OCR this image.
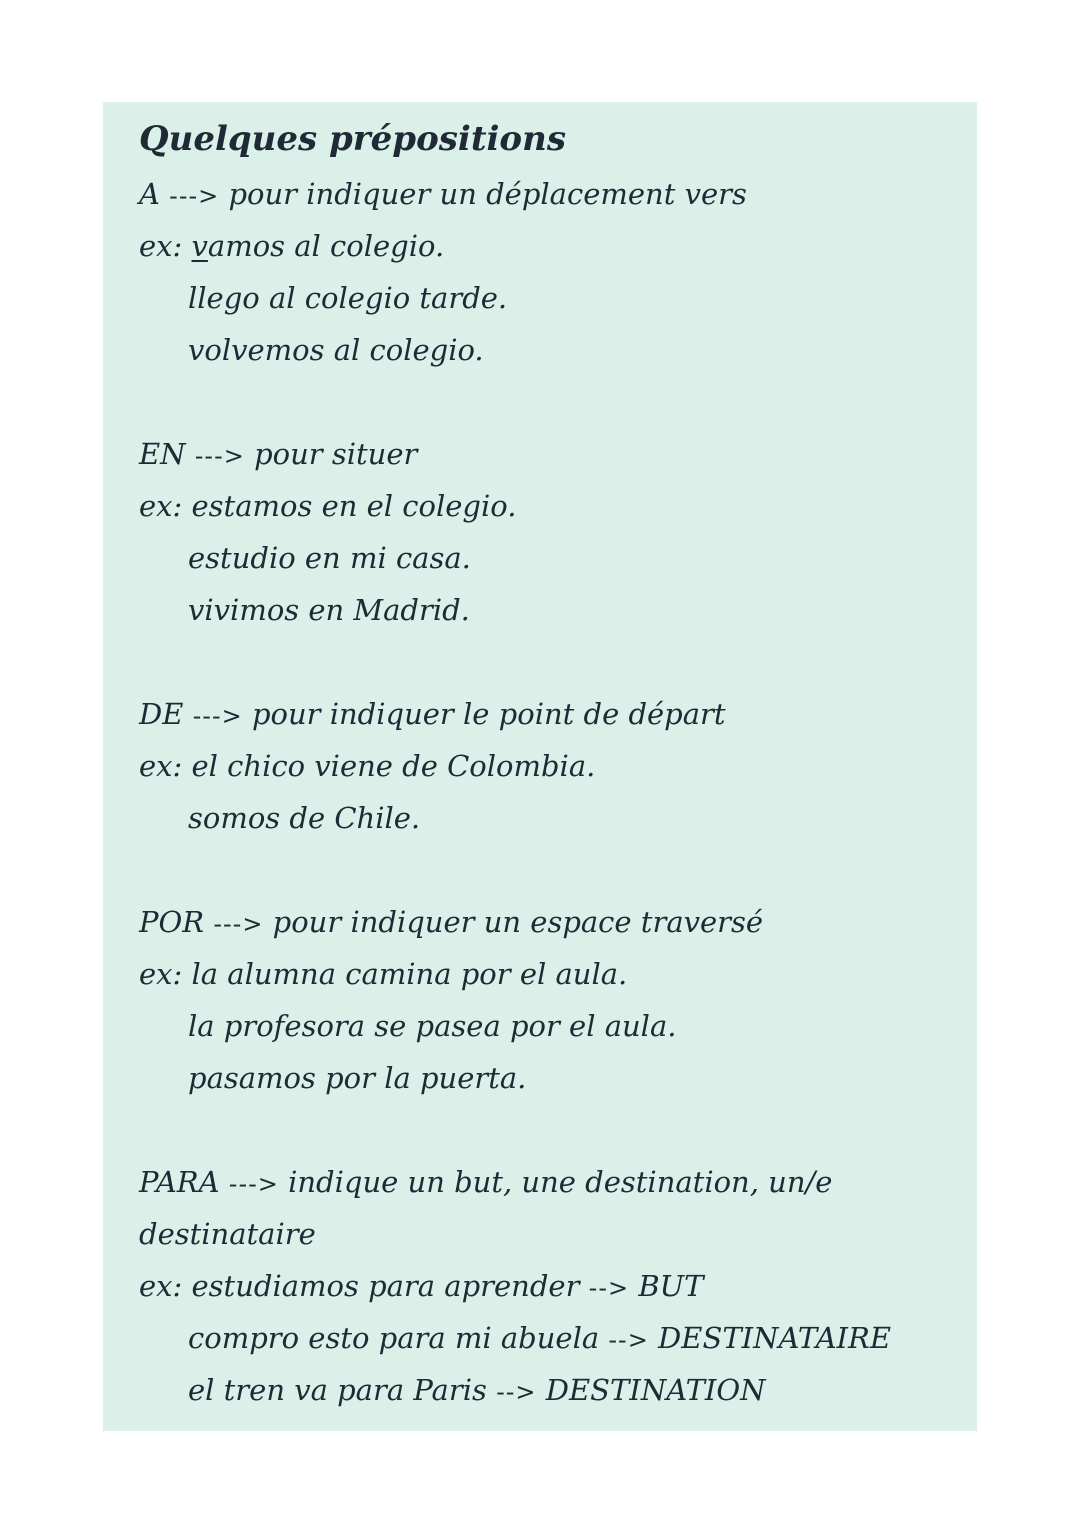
Quelques prépositions
A ---> pour indiquer un déplacement vers
ex: vamos al colegio.
llego al colegio tarde.
volvemos al colegio.
EN ---> pour situer
ex: estamos en el colegio.
estudio en mi casa.
vivimos en Madrid.
DE ---> pour indiquer le point de départ
ex: el chico viene de Colombia.
somos de Chile.
POR ---> pour indiquer un espace traversé
ex: la alumna camina por el aula.
la profesora se pasea por el aula.
pasamos por la puerta.
PARA ---> indique un but, une destination, un/e
destinataire
ex: estudiamos para aprender --> BUT
compro esto para mi abuela --> DESTINATAIRE
el tren va para Paris --> DESTINATION
